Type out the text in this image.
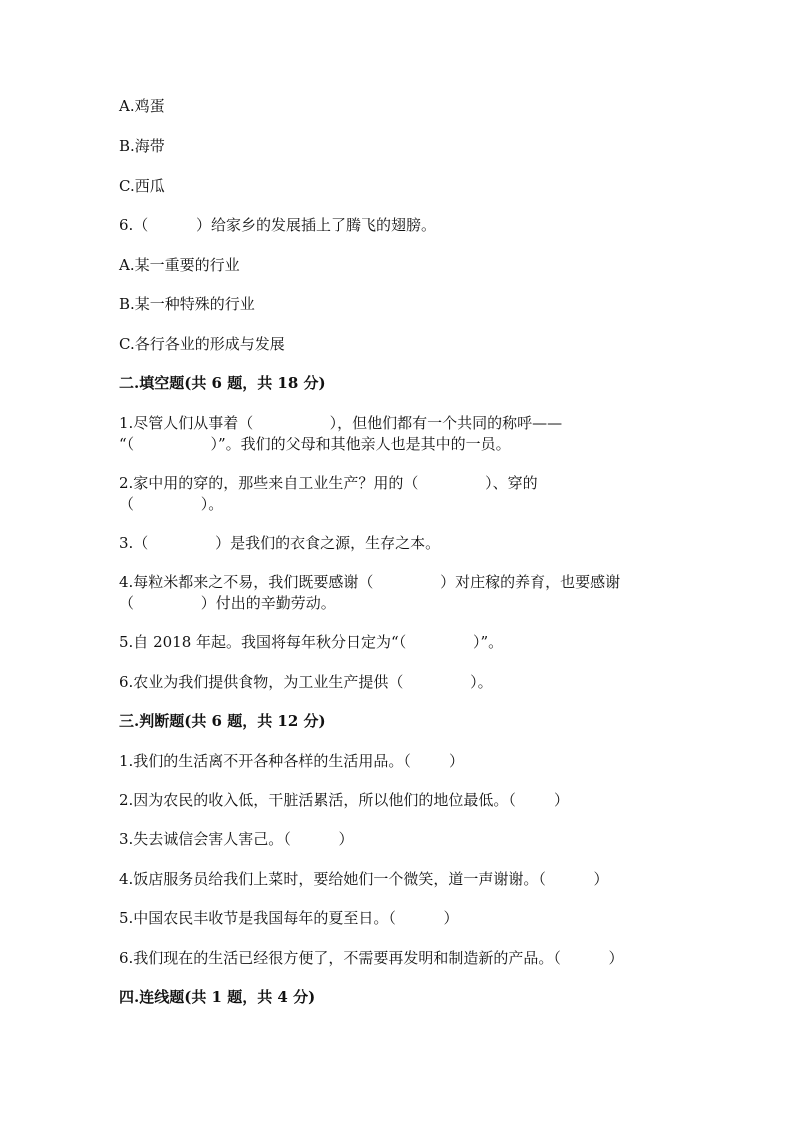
A.鸡蛋
B.海带
C.西瓜
6.（          ）给家乡的发展插上了腾飞的翅膀。
A.某一重要的行业
B.某一种特殊的行业
C.各行各业的形成与发展
二.填空题(共 6 题，共 18 分)
1.尽管人们从事着（                ），但他们都有一个共同的称呼——
“（                ）”。我们的父母和其他亲人也是其中的一员。
2.家中用的穿的，那些来自工业生产？用的（              ）、穿的
（              ）。
3.（              ）是我们的衣食之源，生存之本。
4.每粒米都来之不易，我们既要感谢（              ）对庄稼的养育，也要感谢
（              ）付出的辛勤劳动。
5.自 2018 年起。我国将每年秋分日定为“（              ）”。
6.农业为我们提供食物，为工业生产提供（              ）。
三.判断题(共 6 题，共 12 分)
1.我们的生活离不开各种各样的生活用品。（        ）
2.因为农民的收入低，干脏活累活，所以他们的地位最低。（        ）
3.失去诚信会害人害己。（          ）
4.饭店服务员给我们上菜时，要给她们一个微笑，道一声谢谢。（          ）
5.中国农民丰收节是我国每年的夏至日。（          ）
6.我们现在的生活已经很方便了，不需要再发明和制造新的产品。（          ）
四.连线题(共 1 题，共 4 分)
